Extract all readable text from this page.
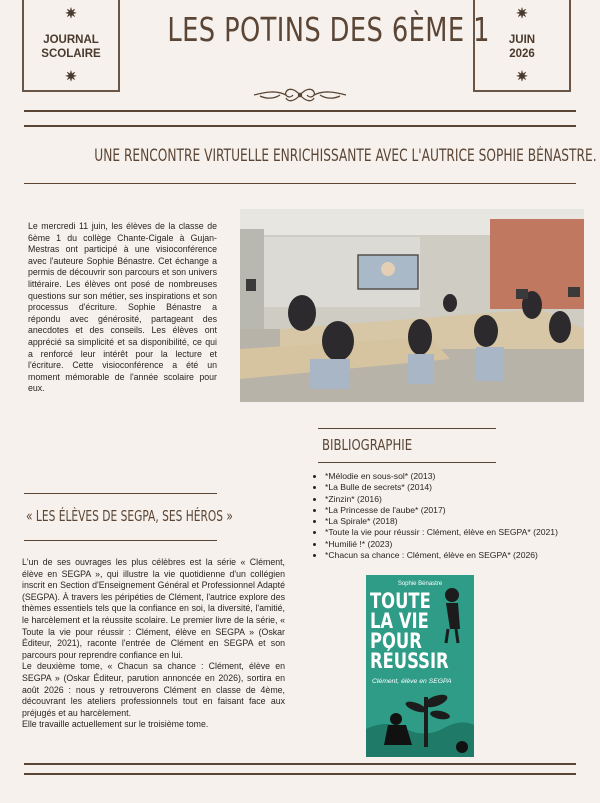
✷
JOURNAL
SCOLAIRE
✷
LES POTINS DES 6ÈME 1	✷
JUIN
2026
✷
UNE RENCONTRE VIRTUELLE ENRICHISSANTE AVEC L'AUTRICE SOPHIE BÉNASTRE.
Le mercredi 11 juin, les élèves de la classe de 6ème 1 du collège Chante-Cigale à Gujan-Mestras ont participé à une visioconférence avec l'auteure Sophie Bénastre. Cet échange a permis de découvrir son parcours et son univers littéraire. Les élèves ont posé de nombreuses questions sur son métier, ses inspirations et son processus d'écriture. Sophie Bénastre a répondu avec générosité, partageant des anecdotes et des conseils. Les élèves ont apprécié sa simplicité et sa disponibilité, ce qui a renforcé leur intérêt pour la lecture et l'écriture. Cette visioconférence a été un moment mémorable de l'année scolaire pour eux.
BIBLIOGRAPHIE
• *Mélodie en sous-sol* (2013)
• *La Bulle de secrets* (2014)
• *Zinzin* (2016)
• *La Princesse de l'aube* (2017)
• *La Spirale* (2018)
• *Toute la vie pour réussir : Clément, élève en SEGPA* (2021)
• *Humilié !* (2023)
• *Chacun sa chance : Clément, élève en SEGPA* (2026)
« LES ÉLÈVES DE SEGPA, SES HÉROS »
L'un de ses ouvrages les plus célèbres est la série « Clément, élève en SEGPA », qui illustre la vie quotidienne d'un collégien inscrit en Section d'Enseignement Général et Professionnel Adapté (SEGPA). À travers les péripéties de Clément, l'autrice explore des thèmes essentiels tels que la confiance en soi, la diversité, l'amitié, le harcèlement et la réussite scolaire. Le premier livre de la série, « Toute la vie pour réussir : Clément, élève en SEGPA » (Oskar Éditeur, 2021), raconte l'entrée de Clément en SEGPA et son parcours pour reprendre confiance en lui.
Le deuxième tome, « Chacun sa chance : Clément, élève en SEGPA » (Oskar Éditeur, parution annoncée en 2026), sortira en août 2026 : nous y retrouverons Clément en classe de 4ème, découvrant les ateliers professionnels tout en faisant face aux préjugés et au harcèlement.
Elle travaille actuellement sur le troisième tome.
Sophie Bénastre
TOUTE
LA VIE
POUR
RÉUSSIR
Clément, élève en SEGPA
